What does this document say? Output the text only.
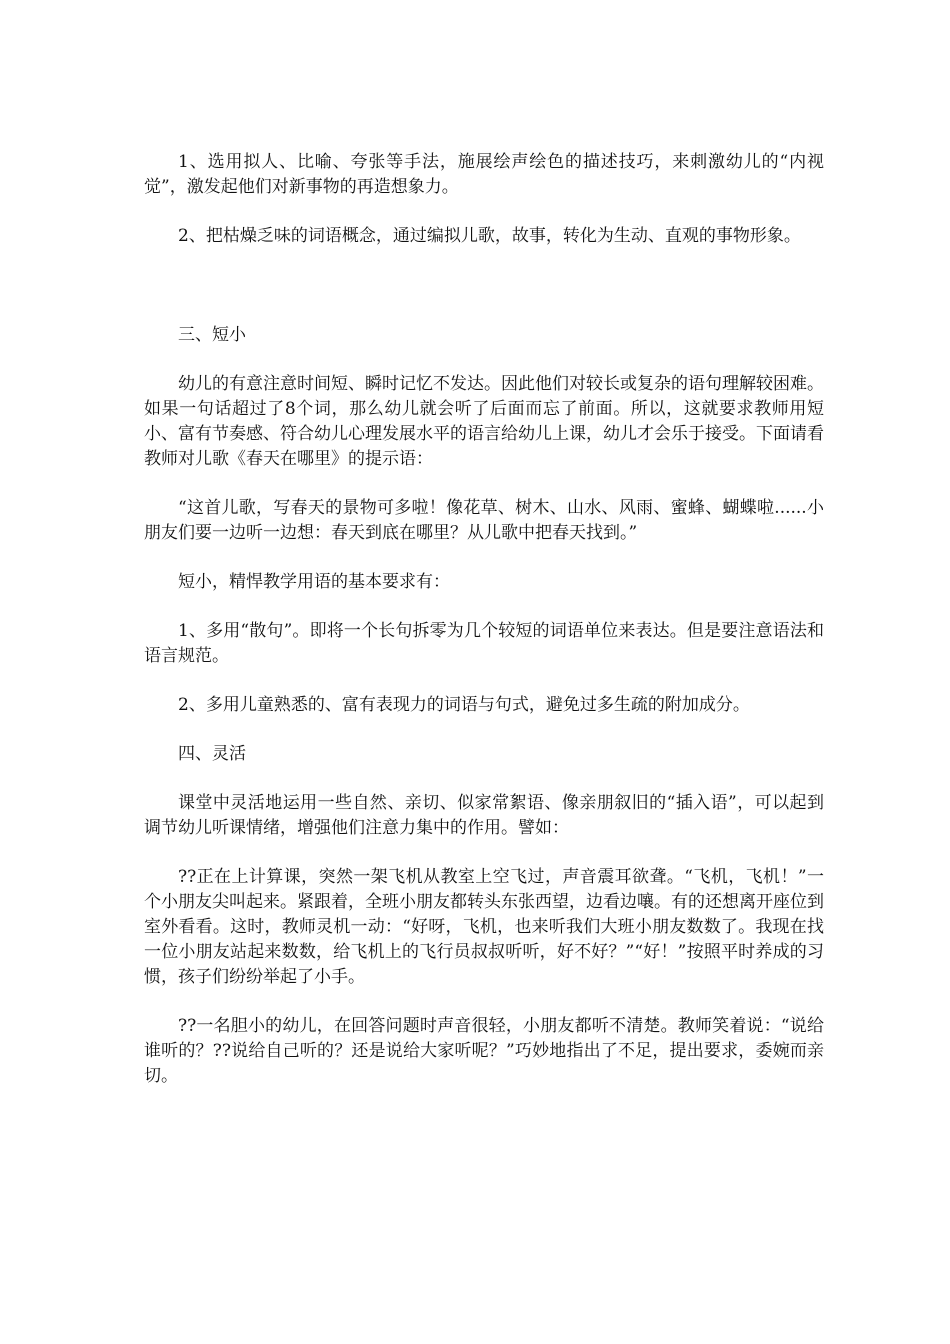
1、选用拟人、比喻、夸张等手法，施展绘声绘色的描述技巧，来刺激幼儿的“内视觉”，激发起他们对新事物的再造想象力。

2、把枯燥乏味的词语概念，通过编拟儿歌，故事，转化为生动、直观的事物形象。

三、短小

幼儿的有意注意时间短、瞬时记忆不发达。因此他们对较长或复杂的语句理解较困难。如果一句话超过了8个词，那么幼儿就会听了后面而忘了前面。所以，这就要求教师用短小、富有节奏感、符合幼儿心理发展水平的语言给幼儿上课，幼儿才会乐于接受。下面请看教师对儿歌《春天在哪里》的提示语：

“这首儿歌，写春天的景物可多啦！像花草、树木、山水、风雨、蜜蜂、蝴蝶啦......小朋友们要一边听一边想：春天到底在哪里？从儿歌中把春天找到。”

短小，精悍教学用语的基本要求有：

1、多用“散句”。即将一个长句拆零为几个较短的词语单位来表达。但是要注意语法和语言规范。

2、多用儿童熟悉的、富有表现力的词语与句式，避免过多生疏的附加成分。

四、灵活

课堂中灵活地运用一些自然、亲切、似家常絮语、像亲朋叙旧的“插入语”，可以起到调节幼儿听课情绪，增强他们注意力集中的作用。譬如：

??正在上计算课，突然一架飞机从教室上空飞过，声音震耳欲聋。“飞机，飞机！”一个小朋友尖叫起来。紧跟着，全班小朋友都转头东张西望，边看边嚷。有的还想离开座位到室外看看。这时，教师灵机一动：“好呀，飞机，也来听我们大班小朋友数数了。我现在找一位小朋友站起来数数，给飞机上的飞行员叔叔听听，好不好？”“好！”按照平时养成的习惯，孩子们纷纷举起了小手。

??一名胆小的幼儿，在回答问题时声音很轻，小朋友都听不清楚。教师笑着说：“说给谁听的？??说给自己听的？还是说给大家听呢？”巧妙地指出了不足，提出要求，委婉而亲切。
